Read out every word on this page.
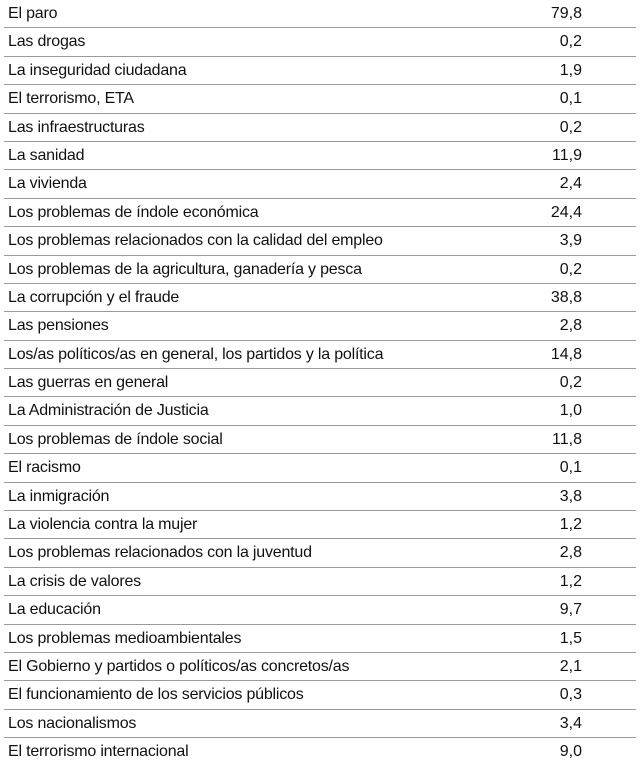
El paro	79,8
Las drogas	0,2
La inseguridad ciudadana	1,9
El terrorismo, ETA	0,1
Las infraestructuras	0,2
La sanidad	11,9
La vivienda	2,4
Los problemas de índole económica	24,4
Los problemas relacionados con la calidad del empleo	3,9
Los problemas de la agricultura, ganadería y pesca	0,2
La corrupción y el fraude	38,8
Las pensiones	2,8
Los/as políticos/as en general, los partidos y la política	14,8
Las guerras en general	0,2
La Administración de Justicia	1,0
Los problemas de índole social	11,8
El racismo	0,1
La inmigración	3,8
La violencia contra la mujer	1,2
Los problemas relacionados con la juventud	2,8
La crisis de valores	1,2
La educación	9,7
Los problemas medioambientales	1,5
El Gobierno y partidos o políticos/as concretos/as	2,1
El funcionamiento de los servicios públicos	0,3
Los nacionalismos	3,4
El terrorismo internacional	9,0
